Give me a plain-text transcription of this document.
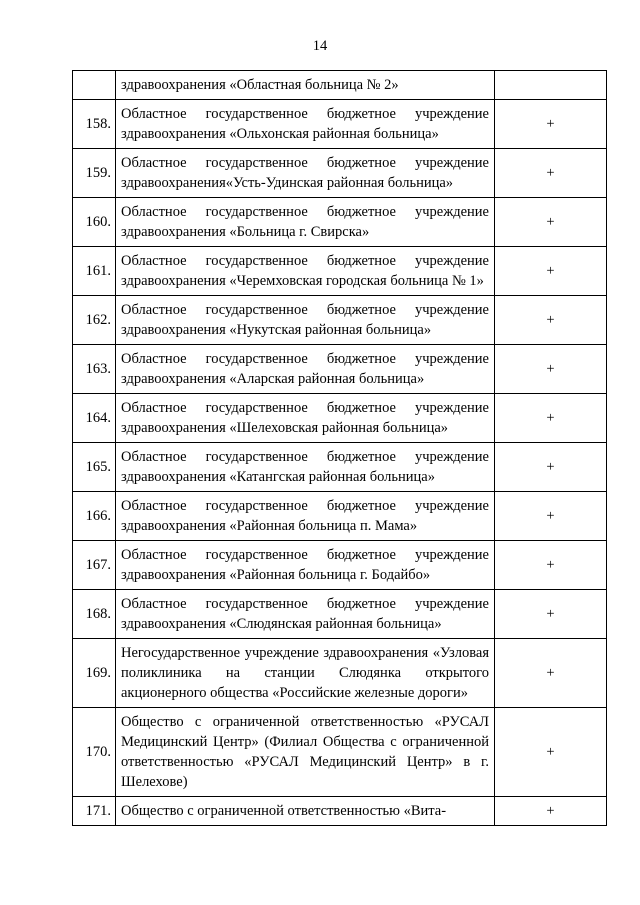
14
	здравоохранения «Областная больница № 2»	
158.	Областное государственное бюджетное учреждение здравоохранения «Ольхонская районная больница»	+
159.	Областное государственное бюджетное учреждение здравоохранения«Усть-Удинская районная больница»	+
160.	Областное государственное бюджетное учреждение здравоохранения «Больница г. Свирска»	+
161.	Областное государственное бюджетное учреждение здравоохранения «Черемховская городская больница № 1»	+
162.	Областное государственное бюджетное учреждение здравоохранения «Нукутская районная больница»	+
163.	Областное государственное бюджетное учреждение здравоохранения «Аларская районная больница»	+
164.	Областное государственное бюджетное учреждение здравоохранения «Шелеховская районная больница»	+
165.	Областное государственное бюджетное учреждение здравоохранения «Катангская районная больница»	+
166.	Областное государственное бюджетное учреждение здравоохранения «Районная больница п. Мама»	+
167.	Областное государственное бюджетное учреждение здравоохранения «Районная больница г. Бодайбо»	+
168.	Областное государственное бюджетное учреждение здравоохранения «Слюдянская районная больница»	+
169.	Негосударственное учреждение здравоохранения «Узловая поликлиника на станции Слюдянка открытого акционерного общества «Российские железные дороги»	+
170.	Общество с ограниченной ответственностью «РУСАЛ Медицинский Центр» (Филиал Общества с ограниченной ответственностью «РУСАЛ Медицинский Центр» в г. Шелехове)	+
171.	Общество с ограниченной ответственностью «Вита-	+
